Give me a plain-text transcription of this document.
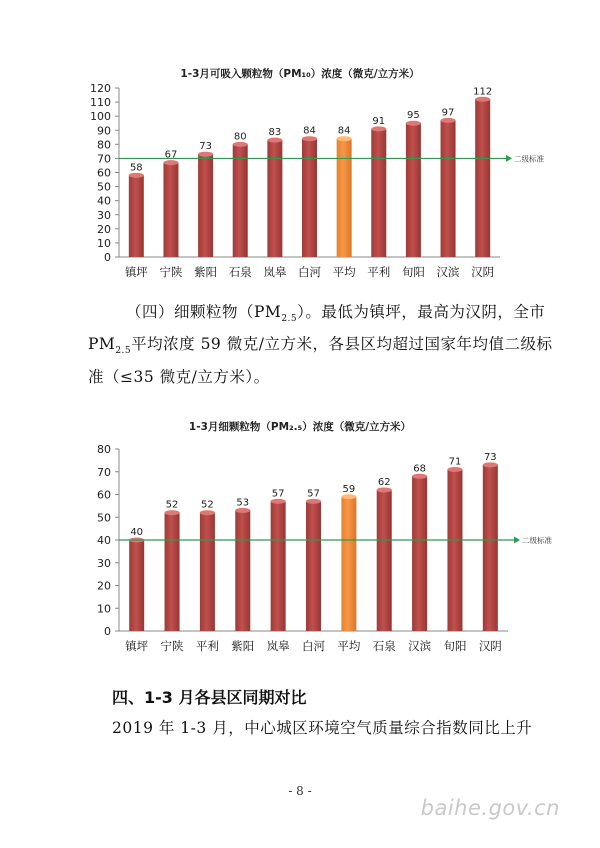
1-3月可吸入颗粒物（PM₁₀）浓度（微克/立方米）
0
10
20
30
40
50
60
70
80
90
100
110
120
58
镇坪
67
宁陕
73
紫阳
80
石泉
83
岚皋
84
白河
84
平均
91
平利
95
旬阳
97
汉滨
112
汉阴
二级标准
（四）细颗粒物$(PM_{2.5})$。最低为镇坪，最高为汉阴，全市
$PM_{2.5}$平均浓度 59 微克/立方米，各县区均超过国家年均值二级标
准（≤35 微克/立方米）。
1-3月细颗粒物（PM₂.₅）浓度（微克/立方米）
0
10
20
30
40
50
60
70
80
40
镇坪
52
宁陕
52
平利
53
紫阳
57
岚皋
57
白河
59
平均
62
石泉
68
汉滨
71
旬阳
73
汉阴
二级标准
四、1-3 月各县区同期对比
2019 年 1-3 月，中心城区环境空气质量综合指数同比上升
- 8 -
baihe.gov.cn
